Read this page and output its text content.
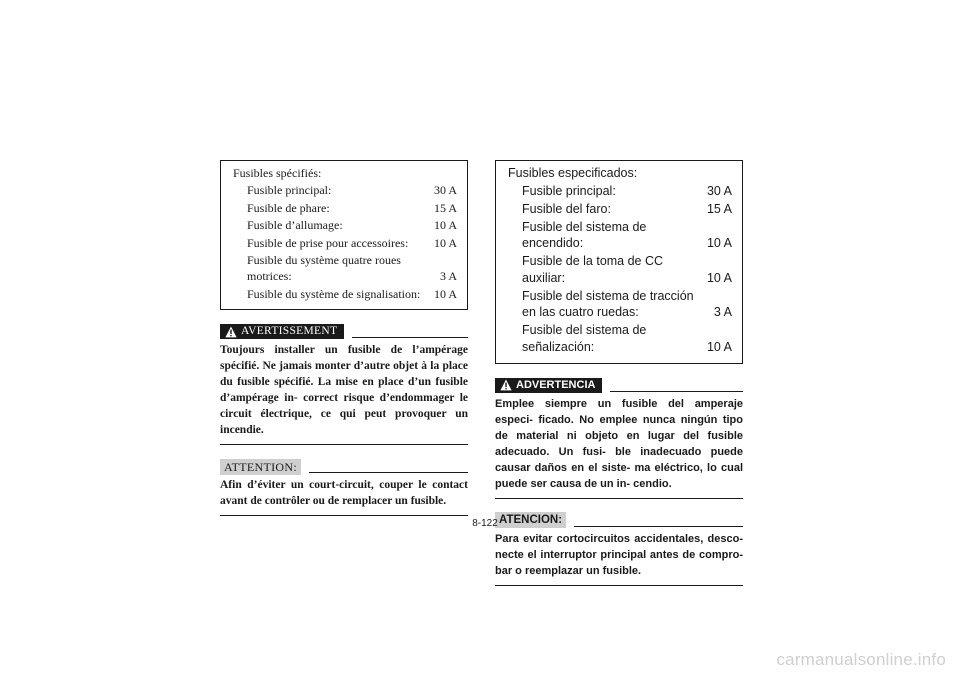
Fusibles spécifiés:
Fusible principal:	30 A
Fusible de phare:	15 A
Fusible d’allumage:	10 A
Fusible de prise pour accessoires:	10 A
Fusible du système quatre roues motrices:	3 A
Fusible du système de signalisation:	10 A
AVERTISSEMENT

Toujours installer un fusible de l’ampérage spécifié. Ne jamais monter d’autre objet à la place du fusible spécifié. La mise en place d’un fusible d’ampérage in- correct risque d’endommager le circuit électrique, ce qui peut provoquer un incendie.

ATTENTION:

Afin d’éviter un court-circuit, couper le contact avant de contrôler ou de remplacer un fusible.

Fusibles especificados:
Fusible principal:	30 A
Fusible del faro:	15 A
Fusible del sistema de encendido:	10 A
Fusible de la toma de CC auxiliar:	10 A
Fusible del sistema de tracción en las cuatro ruedas:	3 A
Fusible del sistema de señalización:	10 A
ADVERTENCIA

Emplee siempre un fusible del amperaje especi- ficado. No emplee nunca ningún tipo de material ni objeto en lugar del fusible adecuado. Un fusi- ble inadecuado puede causar daños en el siste- ma eléctrico, lo cual puede ser causa de un in- cendio.

ATENCION:

Para evitar cortocircuitos accidentales, desco- necte el interruptor principal antes de compro- bar o reemplazar un fusible.

8-122
carmanualsonline.info
